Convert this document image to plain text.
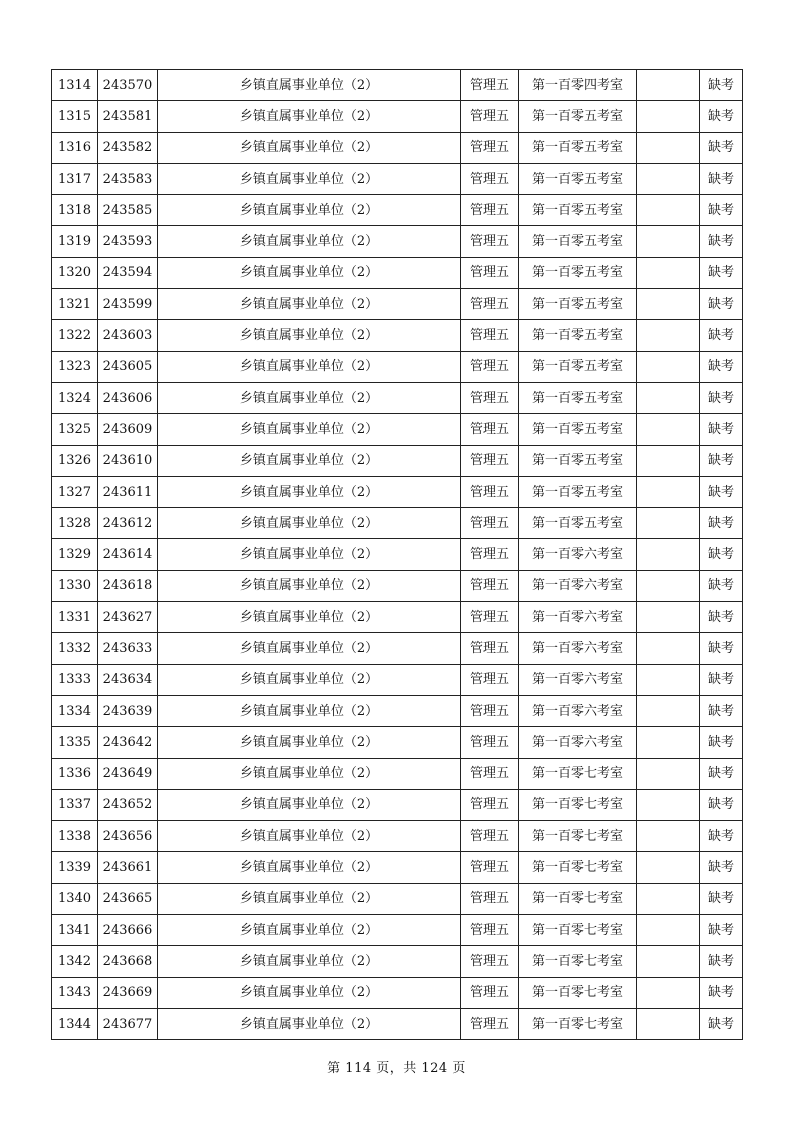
1314	243570	乡镇直属事业单位（2）	管理五	第一百零四考室		缺考
1315	243581	乡镇直属事业单位（2）	管理五	第一百零五考室		缺考
1316	243582	乡镇直属事业单位（2）	管理五	第一百零五考室		缺考
1317	243583	乡镇直属事业单位（2）	管理五	第一百零五考室		缺考
1318	243585	乡镇直属事业单位（2）	管理五	第一百零五考室		缺考
1319	243593	乡镇直属事业单位（2）	管理五	第一百零五考室		缺考
1320	243594	乡镇直属事业单位（2）	管理五	第一百零五考室		缺考
1321	243599	乡镇直属事业单位（2）	管理五	第一百零五考室		缺考
1322	243603	乡镇直属事业单位（2）	管理五	第一百零五考室		缺考
1323	243605	乡镇直属事业单位（2）	管理五	第一百零五考室		缺考
1324	243606	乡镇直属事业单位（2）	管理五	第一百零五考室		缺考
1325	243609	乡镇直属事业单位（2）	管理五	第一百零五考室		缺考
1326	243610	乡镇直属事业单位（2）	管理五	第一百零五考室		缺考
1327	243611	乡镇直属事业单位（2）	管理五	第一百零五考室		缺考
1328	243612	乡镇直属事业单位（2）	管理五	第一百零五考室		缺考
1329	243614	乡镇直属事业单位（2）	管理五	第一百零六考室		缺考
1330	243618	乡镇直属事业单位（2）	管理五	第一百零六考室		缺考
1331	243627	乡镇直属事业单位（2）	管理五	第一百零六考室		缺考
1332	243633	乡镇直属事业单位（2）	管理五	第一百零六考室		缺考
1333	243634	乡镇直属事业单位（2）	管理五	第一百零六考室		缺考
1334	243639	乡镇直属事业单位（2）	管理五	第一百零六考室		缺考
1335	243642	乡镇直属事业单位（2）	管理五	第一百零六考室		缺考
1336	243649	乡镇直属事业单位（2）	管理五	第一百零七考室		缺考
1337	243652	乡镇直属事业单位（2）	管理五	第一百零七考室		缺考
1338	243656	乡镇直属事业单位（2）	管理五	第一百零七考室		缺考
1339	243661	乡镇直属事业单位（2）	管理五	第一百零七考室		缺考
1340	243665	乡镇直属事业单位（2）	管理五	第一百零七考室		缺考
1341	243666	乡镇直属事业单位（2）	管理五	第一百零七考室		缺考
1342	243668	乡镇直属事业单位（2）	管理五	第一百零七考室		缺考
1343	243669	乡镇直属事业单位（2）	管理五	第一百零七考室		缺考
1344	243677	乡镇直属事业单位（2）	管理五	第一百零七考室		缺考
第 114 页，共 124 页
